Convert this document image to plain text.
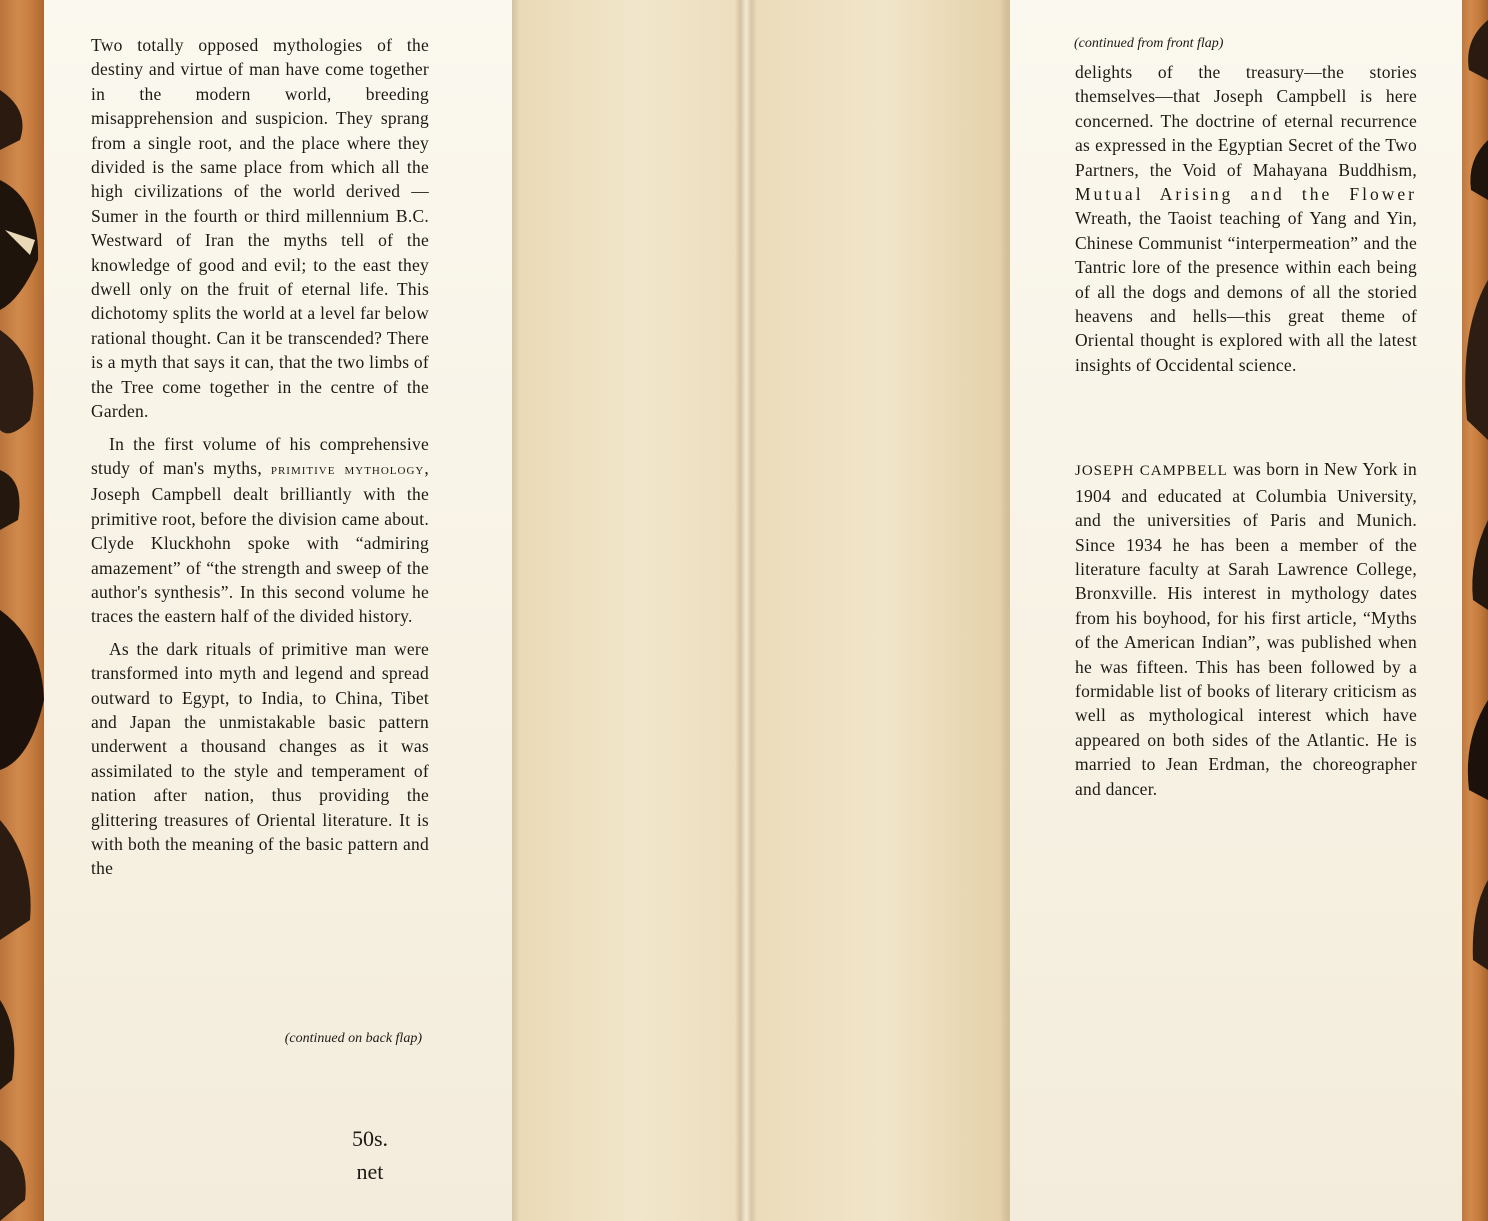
Two totally opposed mythologies of the destiny and virtue of man have come together in the modern world, breeding misapprehension and suspicion. They sprang from a single root, and the place where they divided is the same place from which all the high civilizations of the world derived —Sumer in the fourth or third millennium B.C. Westward of Iran the myths tell of the knowledge of good and evil; to the east they dwell only on the fruit of eternal life. This dichotomy splits the world at a level far below rational thought. Can it be transcended? There is a myth that says it can, that the two limbs of the Tree come together in the centre of the Garden.

In the first volume of his comprehensive study of man's myths, primitive mythology, Joseph Campbell dealt brilliantly with the primitive root, before the division came about. Clyde Kluckhohn spoke with “admiring amazement” of “the strength and sweep of the author's synthesis”. In this second volume he traces the eastern half of the divided history.

As the dark rituals of primitive man were transformed into myth and legend and spread outward to Egypt, to India, to China, Tibet and Japan the unmistakable basic pattern underwent a thousand changes as it was assimilated to the style and temperament of nation after nation, thus providing the glittering treasures of Oriental literature. It is with both the meaning of the basic pattern and the

(continued on back flap)
50s.
net
(continued from front flap)

delights of the treasury—the stories themselves—that Joseph Campbell is here concerned. The doctrine of eternal recurrence as expressed in the Egyptian Secret of the Two Partners, the Void of Mahayana Buddhism, Mutual Arising and the Flower Wreath, the Taoist teaching of Yang and Yin, Chinese Communist “interpermeation” and the Tantric lore of the presence within each being of all the dogs and demons of all the storied heavens and hells—this great theme of Oriental thought is explored with all the latest insights of Occidental science.

JOSEPH CAMPBELL was born in New York in 1904 and educated at Columbia University, and the universities of Paris and Munich. Since 1934 he has been a member of the literature faculty at Sarah Lawrence College, Bronxville. His interest in mythology dates from his boyhood, for his first article, “Myths of the American Indian”, was published when he was fifteen. This has been followed by a formidable list of books of literary criticism as well as mythological interest which have appeared on both sides of the Atlantic. He is married to Jean Erdman, the choreographer and dancer.
